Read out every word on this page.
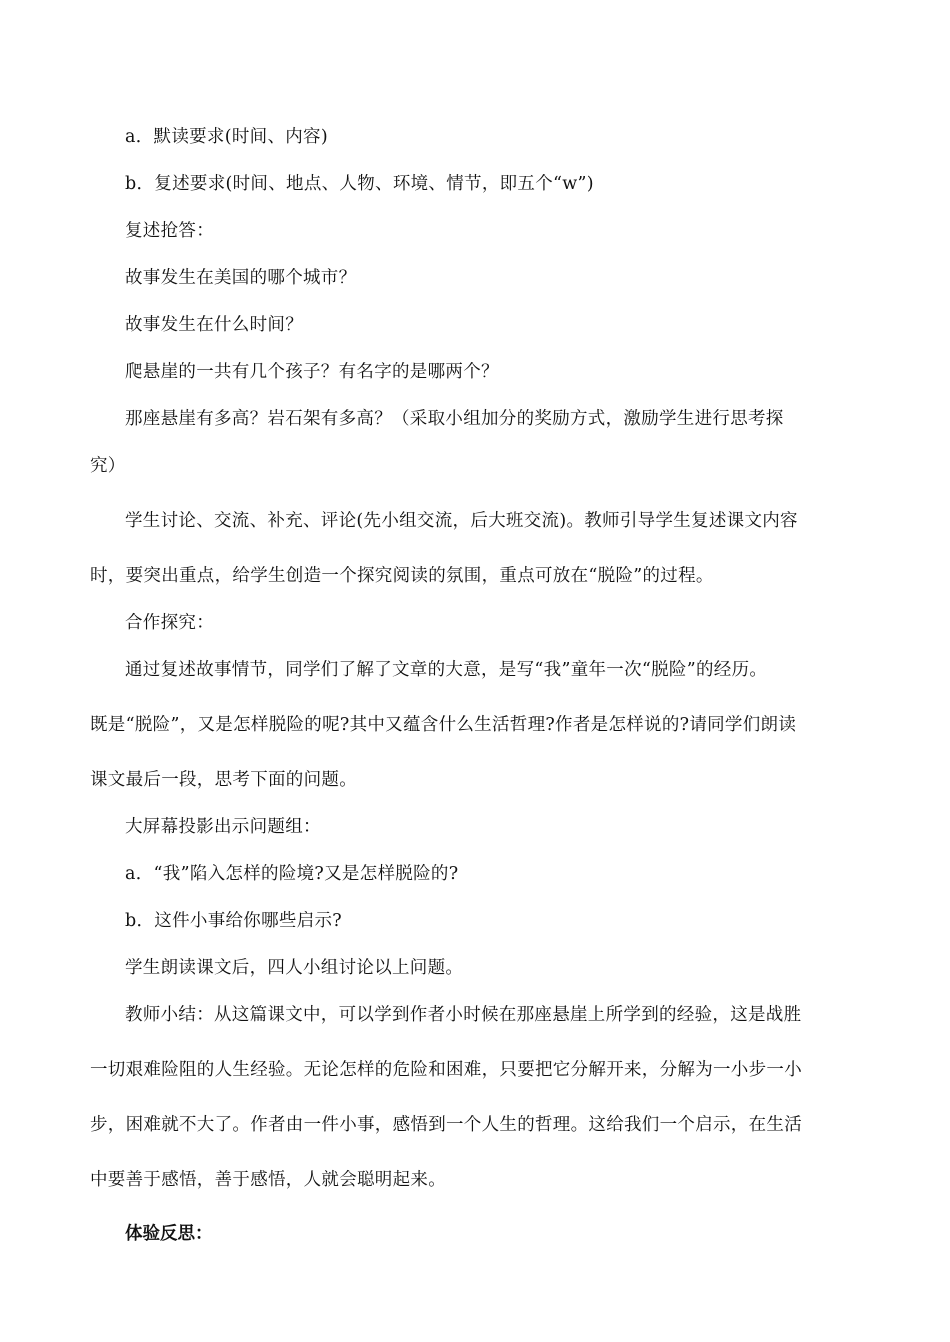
a．默读要求(时间、内容)
b．复述要求(时间、地点、人物、环境、情节，即五个“w”)
复述抢答：
故事发生在美国的哪个城市？
故事发生在什么时间？
爬悬崖的一共有几个孩子？有名字的是哪两个？
那座悬崖有多高？岩石架有多高？（采取小组加分的奖励方式，激励学生进行思考探
究）
学生讨论、交流、补充、评论(先小组交流，后大班交流)。教师引导学生复述课文内容
时，要突出重点，给学生创造一个探究阅读的氛围，重点可放在“脱险”的过程。
合作探究：
通过复述故事情节，同学们了解了文章的大意，是写“我”童年一次“脱险”的经历。
既是“脱险”，又是怎样脱险的呢?其中又蕴含什么生活哲理?作者是怎样说的?请同学们朗读
课文最后一段，思考下面的问题。
大屏幕投影出示问题组：
a．“我”陷入怎样的险境?又是怎样脱险的?
b．这件小事给你哪些启示?
学生朗读课文后，四人小组讨论以上问题。
教师小结：从这篇课文中，可以学到作者小时候在那座悬崖上所学到的经验，这是战胜
一切艰难险阻的人生经验。无论怎样的危险和困难，只要把它分解开来，分解为一小步一小
步，困难就不大了。作者由一件小事，感悟到一个人生的哲理。这给我们一个启示，在生活
中要善于感悟，善于感悟，人就会聪明起来。
体验反思：
